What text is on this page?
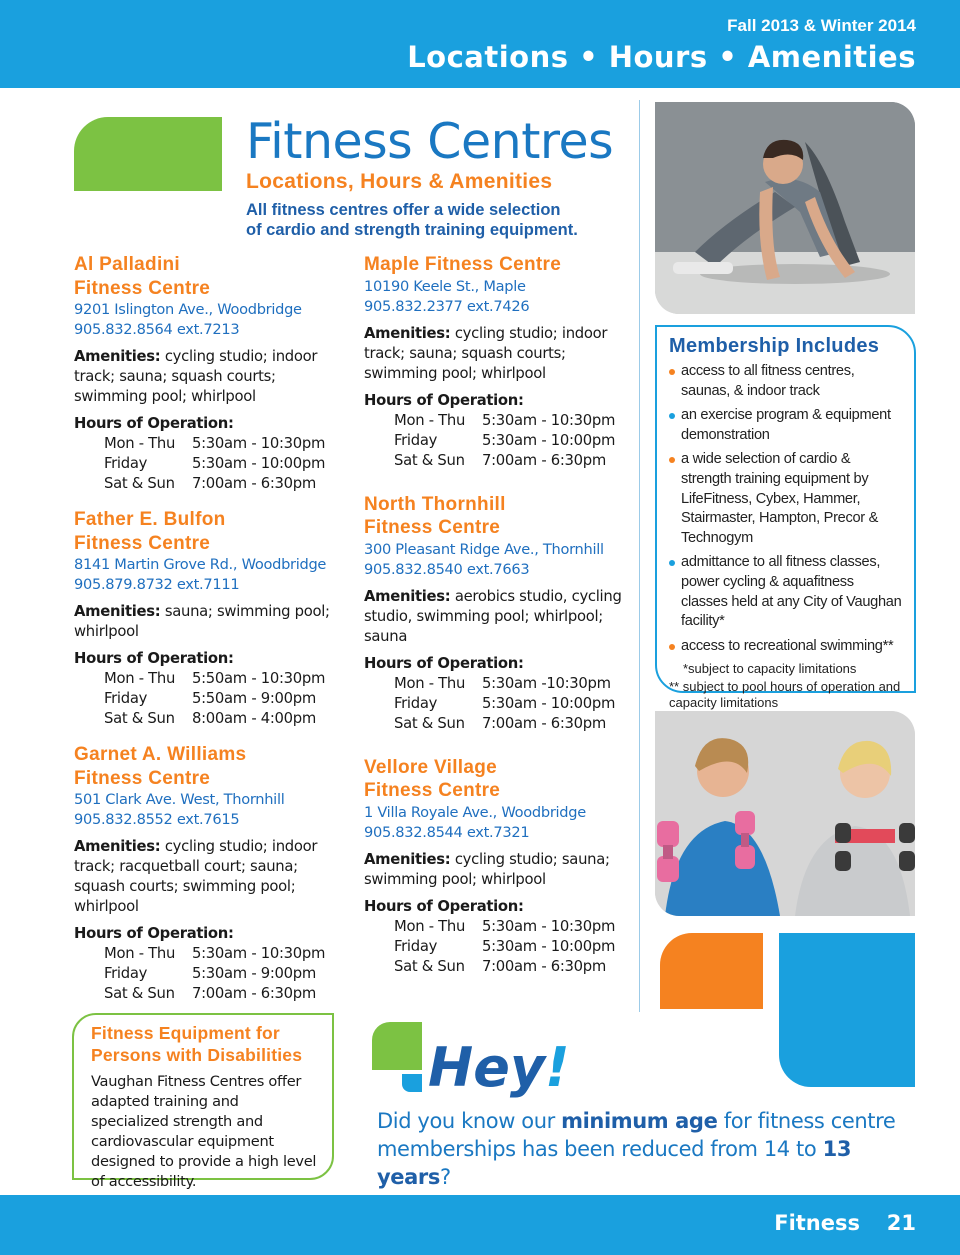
Fall 2013 & Winter 2014
Locations • Hours • Amenities
Fitness Centres
Locations, Hours & Amenities
All fitness centres offer a wide selection
of cardio and strength training equipment.
Al Palladini
Fitness Centre
9201 Islington Ave., Woodbridge
905.832.8564 ext.7213
Amenities: cycling studio; indoor track; sauna; squash courts; swimming pool; whirlpool
Hours of Operation:
Mon - Thu	5:30am - 10:30pm
Friday	5:30am - 10:00pm
Sat & Sun	7:00am - 6:30pm
Father E. Bulfon
Fitness Centre
8141 Martin Grove Rd., Woodbridge
905.879.8732 ext.7111
Amenities: sauna; swimming pool; whirlpool
Hours of Operation:
Mon - Thu	5:50am - 10:30pm
Friday	5:50am - 9:00pm
Sat & Sun	8:00am - 4:00pm
Garnet A. Williams
Fitness Centre
501 Clark Ave. West, Thornhill
905.832.8552 ext.7615
Amenities: cycling studio; indoor track; racquetball court; sauna; squash courts; swimming pool; whirlpool
Hours of Operation:
Mon - Thu	5:30am - 10:30pm
Friday	5:30am - 9:00pm
Sat & Sun	7:00am - 6:30pm
Maple Fitness Centre
10190 Keele St., Maple
905.832.2377 ext.7426
Amenities: cycling studio; indoor track; sauna; squash courts; swimming pool; whirlpool
Hours of Operation:
Mon - Thu	5:30am - 10:30pm
Friday	5:30am - 10:00pm
Sat & Sun	7:00am - 6:30pm
North Thornhill
Fitness Centre
300 Pleasant Ridge Ave., Thornhill
905.832.8540 ext.7663
Amenities: aerobics studio, cycling studio, swimming pool; whirlpool; sauna
Hours of Operation:
Mon - Thu	5:30am -10:30pm
Friday	5:30am - 10:00pm
Sat & Sun	7:00am - 6:30pm
Vellore Village
Fitness Centre
1 Villa Royale Ave., Woodbridge
905.832.8544 ext.7321
Amenities: cycling studio; sauna; swimming pool; whirlpool
Hours of Operation:
Mon - Thu	5:30am - 10:30pm
Friday	5:30am - 10:00pm
Sat & Sun	7:00am - 6:30pm
Membership Includes
access to all fitness centres, saunas, & indoor track
an exercise program & equipment demonstration
a wide selection of cardio & strength training equipment by LifeFitness, Cybex, Hammer, Stairmaster, Hampton, Precor & Technogym
admittance to all fitness classes, power cycling & aquafitness classes held at any City of Vaughan facility*
access to recreational swimming**
*subject to capacity limitations
** subject to pool hours of operation and capacity limitations
Fitness Equipment for
Persons with Disabilities
Vaughan Fitness Centres offer adapted training and specialized strength and cardiovascular equipment designed to provide a high level of accessibility.
Hey!
Did you know our minimum age for fitness centre memberships has been reduced from 14 to 13 years?
Fitness 21
